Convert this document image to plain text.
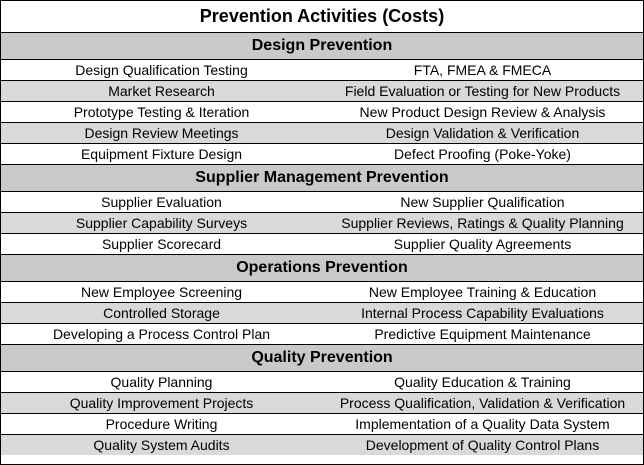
Prevention Activities (Costs)
Design Prevention
Design Qualification Testing	FTA, FMEA & FMECA
Market Research	Field Evaluation or Testing for New Products
Prototype Testing & Iteration	New Product Design Review & Analysis
Design Review Meetings	Design Validation & Verification
Equipment Fixture Design	Defect Proofing (Poke-Yoke)
Supplier Management Prevention
Supplier Evaluation	New Supplier Qualification
Supplier Capability Surveys	Supplier Reviews, Ratings & Quality Planning
Supplier Scorecard	Supplier Quality Agreements
Operations Prevention
New Employee Screening	New Employee Training & Education
Controlled Storage	Internal Process Capability Evaluations
Developing a Process Control Plan	Predictive Equipment Maintenance
Quality Prevention
Quality Planning	Quality Education & Training
Quality Improvement Projects	Process Qualification, Validation & Verification
Procedure Writing	Implementation of a Quality Data System
Quality System Audits	Development of Quality Control Plans
